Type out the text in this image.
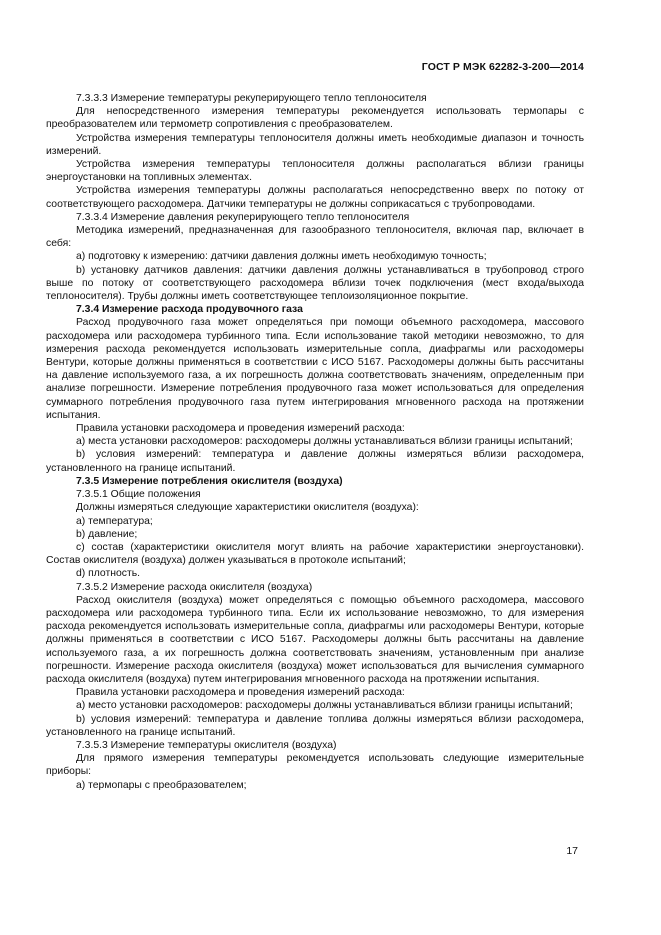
ГОСТ Р МЭК 62282-3-200—2014

7.3.3.3 Измерение температуры рекуперирующего тепло теплоносителя

Для непосредственного измерения температуры рекомендуется использовать термопары с преобразователем или термометр сопротивления с преобразователем.

Устройства измерения температуры теплоносителя должны иметь необходимые диапазон и точность измерений.

Устройства измерения температуры теплоносителя должны располагаться вблизи границы энергоустановки на топливных элементах.

Устройства измерения температуры должны располагаться непосредственно вверх по потоку от соответствующего расходомера. Датчики температуры не должны соприкасаться с трубопроводами.

7.3.3.4 Измерение давления рекуперирующего тепло теплоносителя

Методика измерений, предназначенная для газообразного теплоносителя, включая пар, включает в себя:

a) подготовку к измерению: датчики давления должны иметь необходимую точность;

b) установку датчиков давления: датчики давления должны устанавливаться в трубопровод строго выше по потоку от соответствующего расходомера вблизи точек подключения (мест входа/выхода теплоносителя). Трубы должны иметь соответствующее теплоизоляционное покрытие.

7.3.4 Измерение расхода продувочного газа

Расход продувочного газа может определяться при помощи объемного расходомера, массового расходомера или расходомера турбинного типа. Если использование такой методики невозможно, то для измерения расхода рекомендуется использовать измерительные сопла, диафрагмы или расходомеры Вентури, которые должны применяться в соответствии с ИСО 5167. Расходомеры должны быть рассчитаны на давление используемого газа, а их погрешность должна соответствовать значениям, определенным при анализе погрешности. Измерение потребления продувочного газа может использоваться для определения суммарного потребления продувочного газа путем интегрирования мгновенного расхода на протяжении испытания.

Правила установки расходомера и проведения измерений расхода:

a) места установки расходомеров: расходомеры должны устанавливаться вблизи границы испытаний;

b) условия измерений: температура и давление должны измеряться вблизи расходомера, установленного на границе испытаний.

7.3.5 Измерение потребления окислителя (воздуха)

7.3.5.1 Общие положения

Должны измеряться следующие характеристики окислителя (воздуха):

a) температура;

b) давление;

c) состав (характеристики окислителя могут влиять на рабочие характеристики энергоустановки). Состав окислителя (воздуха) должен указываться в протоколе испытаний;

d) плотность.

7.3.5.2 Измерение расхода окислителя (воздуха)

Расход окислителя (воздуха) может определяться с помощью объемного расходомера, массового расходомера или расходомера турбинного типа. Если их использование невозможно, то для измерения расхода рекомендуется использовать измерительные сопла, диафрагмы или расходомеры Вентури, которые должны применяться в соответствии с ИСО 5167. Расходомеры должны быть рассчитаны на давление используемого газа, а их погрешность должна соответствовать значениям, установленным при анализе погрешности. Измерение расхода окислителя (воздуха) может использоваться для вычисления суммарного расхода окислителя (воздуха) путем интегрирования мгновенного расхода на протяжении испытания.

Правила установки расходомера и проведения измерений расхода:

a) место установки расходомеров: расходомеры должны устанавливаться вблизи границы испытаний;

b) условия измерений: температура и давление топлива должны измеряться вблизи расходомера, установленного на границе испытаний.

7.3.5.3 Измерение температуры окислителя (воздуха)

Для прямого измерения температуры рекомендуется использовать следующие измерительные приборы:

a) термопары с преобразователем;

17
